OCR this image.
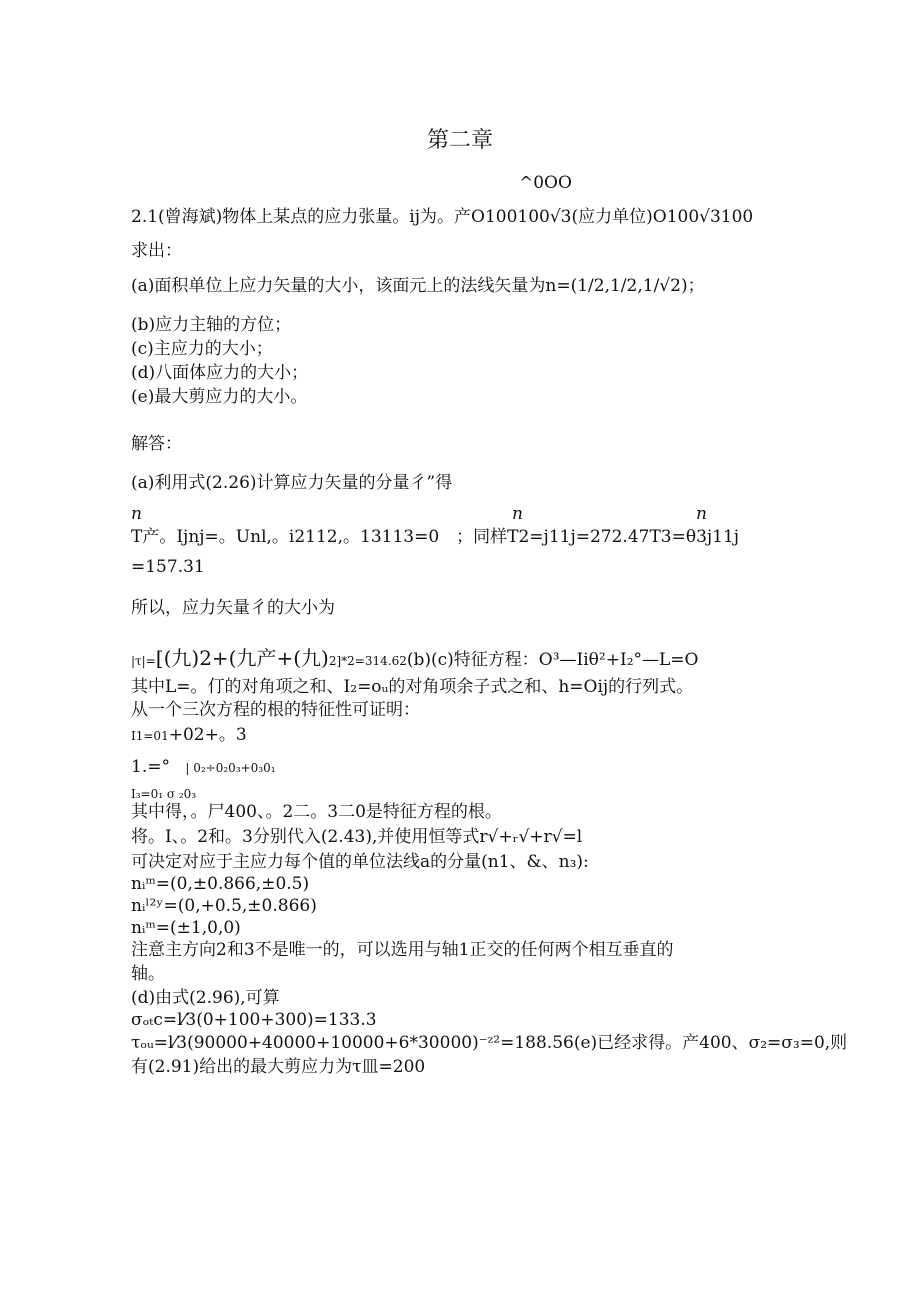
第二章
^0OO
2.1(曾海斌)物体上某点的应力张量。ij为。产O100100√3(应力单位)O100√3100
求出：
(a)面积单位上应力矢量的大小，该面元上的法线矢量为n=(1/2,1/2,1/√2)；
(b)应力主轴的方位；
(c)主应力的大小；
(d)八面体应力的大小；
(e)最大剪应力的大小。
解答：
(a)利用式(2.26)计算应力矢量的分量彳”得
n	n	n
T产。Ijnj=。Unl,。i2112,。13113=0　；同样T2=j11j=272.47T3=θ3j11j
=157.31
所以，应力矢量彳的大小为
|τ|=[(九)2+(九产+(九)2]*2=314.62(b)(c)特征方程：O³—Iiθ²+I₂°—L=O
其中L=。仃的对角项之和、I₂=oᵤ的对角项余子式之和、h=Oij的行列式。
从一个三次方程的根的特征性可证明：
I1=01+02+。3
1.=° | 0₂÷0₂0₃+0₃0₁
I₃=0₁ σ ₂0₃
其中得，。尸400、。2二。3二0是特征方程的根。
将。I、。2和。3分别代入(2.43),并使用恒等式r√+ᵣ√+r√=l
可决定对应于主应力每个值的单位法线a的分量(n1、&、n₃):
nᵢᵐ=(0,±0.866,±0.5)
nᵢˡ²ʸ=(0,+0.5,±0.866)
nᵢᵐ=(±1,0,0)
注意主方向2和3不是唯一的，可以选用与轴1正交的任何两个相互垂直的
轴。
(d)由式(2.96),可算
σₒₜc=l⁄3(0+100+300)=133.3
τₒᵤ=l⁄3(90000+40000+10000+6*30000)⁻ᶻ²=188.56(e)已经求得。产400、σ₂=σ₃=0,则
有(2.91)给出的最大剪应力为τ皿=200
